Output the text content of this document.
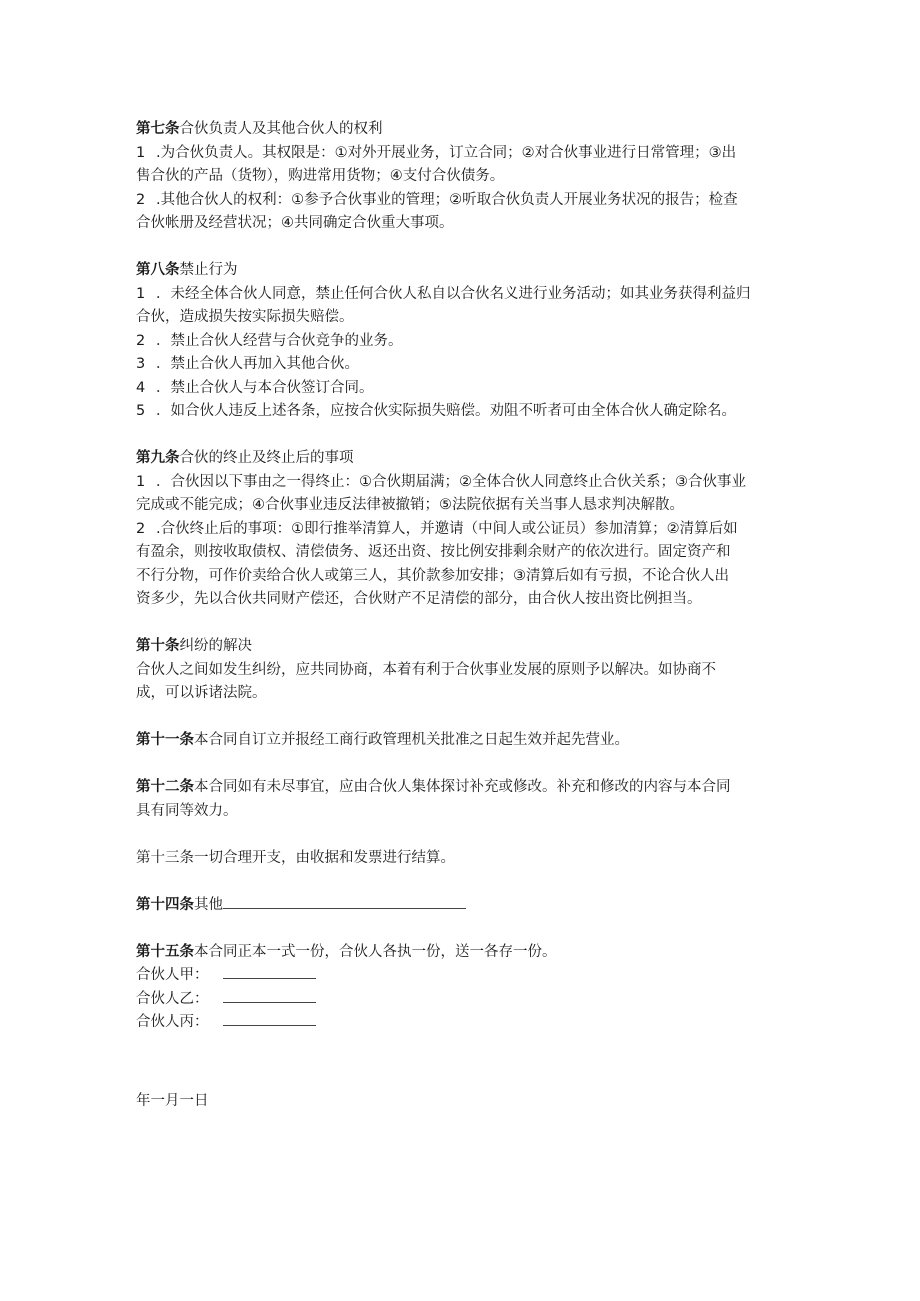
第七条合伙负责人及其他合伙人的权利
1 .为合伙负责人。其权限是：①对外开展业务，订立合同；②对合伙事业进行日常管理；③出
售合伙的产品（货物），购进常用货物；④支付合伙债务。
2 .其他合伙人的权利：①参予合伙事业的管理；②听取合伙负责人开展业务状况的报告；检查
合伙帐册及经营状况；④共同确定合伙重大事项。
第八条禁止行为
1 ．未经全体合伙人同意，禁止任何合伙人私自以合伙名义进行业务活动；如其业务获得利益归
合伙，造成损失按实际损失赔偿。
2 ．禁止合伙人经营与合伙竞争的业务。
3 ．禁止合伙人再加入其他合伙。
4 ．禁止合伙人与本合伙签订合同。
5 ．如合伙人违反上述各条，应按合伙实际损失赔偿。劝阻不听者可由全体合伙人确定除名。
第九条合伙的终止及终止后的事项
1 ．合伙因以下事由之一得终止：①合伙期届满；②全体合伙人同意终止合伙关系；③合伙事业
完成或不能完成；④合伙事业违反法律被撤销；⑤法院依据有关当事人恳求判决解散。
2 .合伙终止后的事项：①即行推举清算人，并邀请（中间人或公证员）参加清算；②清算后如
有盈余，则按收取债权、清偿债务、返还出资、按比例安排剩余财产的依次进行。固定资产和
不行分物，可作价卖给合伙人或第三人，其价款参加安排；③清算后如有亏损，不论合伙人出
资多少，先以合伙共同财产偿还，合伙财产不足清偿的部分，由合伙人按出资比例担当。
第十条纠纷的解决
合伙人之间如发生纠纷，应共同协商，本着有利于合伙事业发展的原则予以解决。如协商不
成，可以诉诸法院。
第十一条本合同自订立并报经工商行政管理机关批准之日起生效并起先营业。
第十二条本合同如有未尽事宜，应由合伙人集体探讨补充或修改。补充和修改的内容与本合同
具有同等效力。
第十三条一切合理开支，由收据和发票进行结算。
第十四条其他
第十五条本合同正本一式一份，合伙人各执一份，送一各存一份。
合伙人甲：
合伙人乙：
合伙人丙：
年一月一日
